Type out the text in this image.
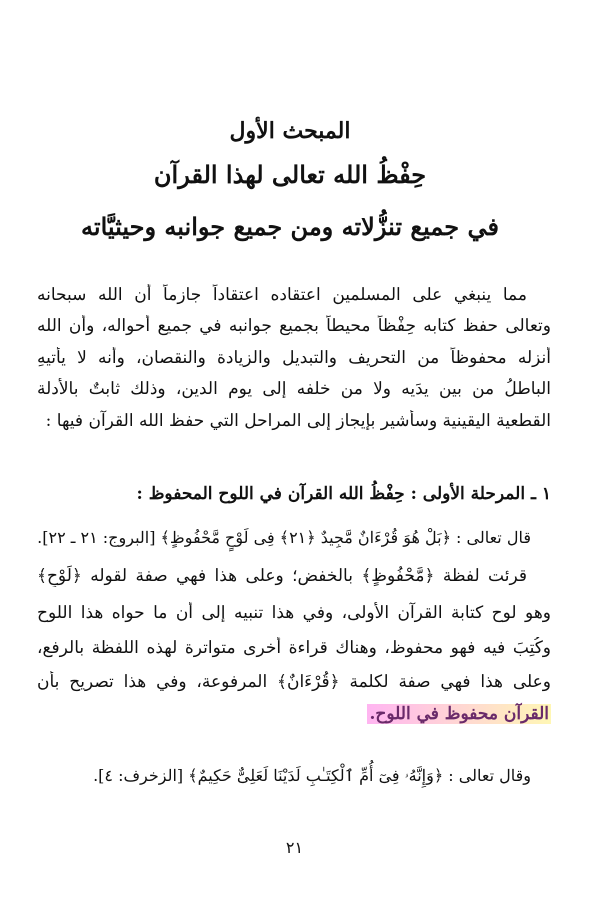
المبحث الأول
حِفْظُ الله تعالى لهذا القرآن
في جميع تنزُّلاته ومن جميع جوانبه وحيثيَّاته
مما ينبغي على المسلمين اعتقاده اعتقاداً جازماً أن الله سبحانه
وتعالى حفظ كتابه حِفْظاً محيطاً بجميع جوانبه في جميع أحواله، وأن الله
أنزله محفوظاً من التحريف والتبديل والزيادة والنقصان، وأنه لا يأتيهِ
الباطلُ من بين يدَيه ولا من خلفه إلى يوم الدين، وذلك ثابتٌ بالأدلة
القطعية اليقينية وسأشير بإيجاز إلى المراحل التي حفظ الله القرآن فيها :
١ ـ المرحلة الأولى : حِفْظُ الله القرآن في اللوح المحفوظ :
قال تعالى : ﴿بَلْ هُوَ قُرْءَانٌ مَّجِيدٌ ﴿٢١﴾ فِى لَوْحٍ مَّحْفُوظٍ﴾ [البروج: ٢١ ـ ٢٢].
قرئت لفظة ﴿مَّحْفُوظٍ﴾ بالخفض؛ وعلى هذا فهي صفة لقوله ﴿لَوْحٍ﴾
وهو لوح كتابة القرآن الأولى، وفي هذا تنبيه إلى أن ما حواه هذا اللوح
وكُتِبَ فيه فهو محفوظ، وهناك قراءة أخرى متواترة لهذه اللفظة بالرفع،
وعلى هذا فهي صفة لكلمة ﴿قُرْءَانٌ﴾ المرفوعة، وفي هذا تصريح بأن
القرآن محفوظ في اللوح.
وقال تعالى : ﴿وَإِنَّهُۥ فِىٓ أُمِّ ٱلْكِتَـٰبِ لَدَيْنَا لَعَلِىٌّ حَكِيمٌ﴾ [الزخرف: ٤].
٢١
